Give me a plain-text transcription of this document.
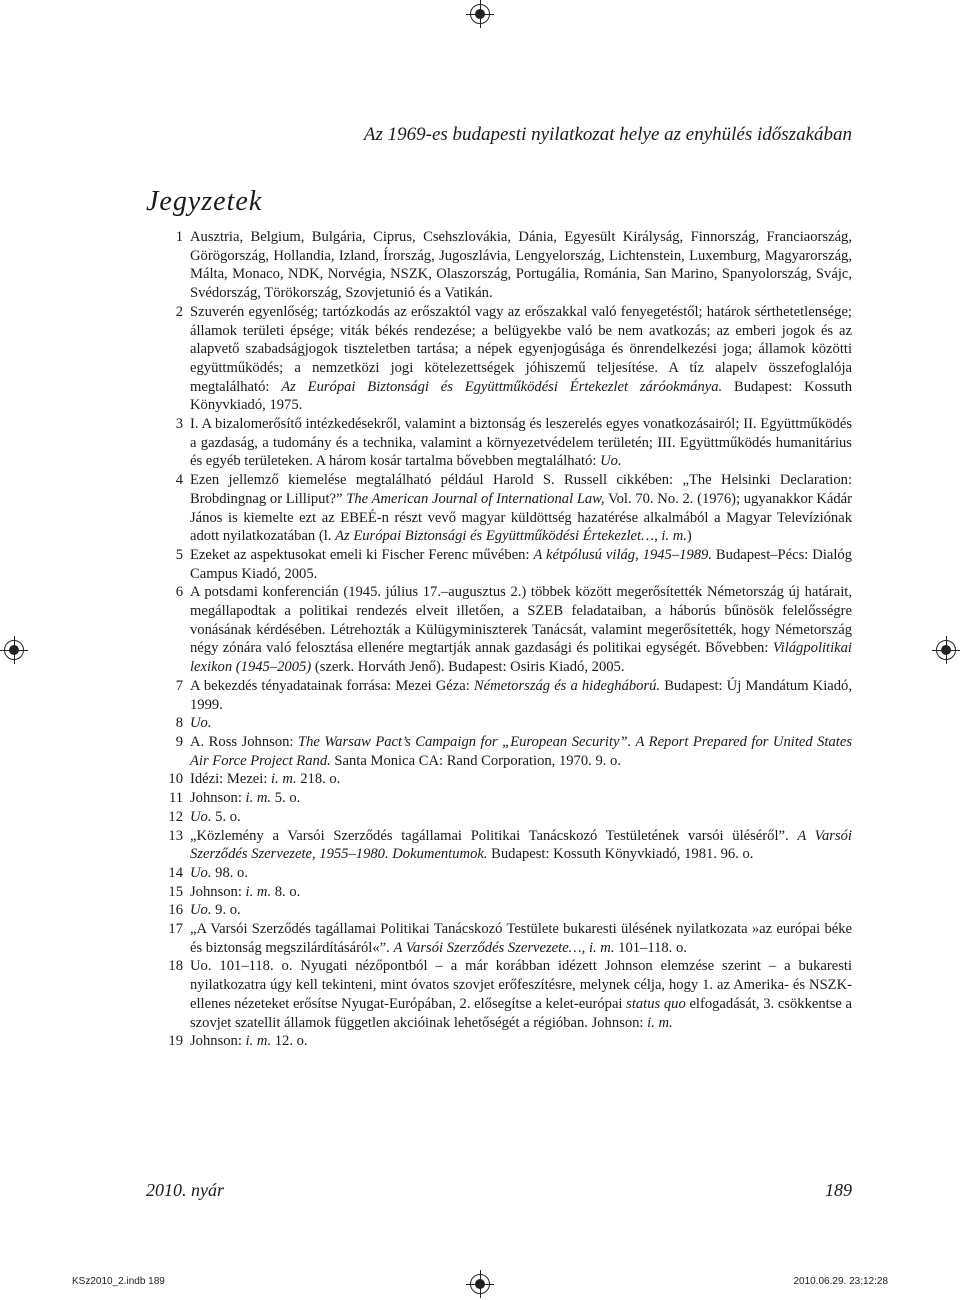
Az 1969-es budapesti nyilatkozat helye az enyhülés időszakában
Jegyzetek
1 Ausztria, Belgium, Bulgária, Ciprus, Csehszlovákia, Dánia, Egyesült Királyság, Finnország, Franciaország, Görögország, Hollandia, Izland, Írország, Jugoszlávia, Lengyelország, Lichtenstein, Luxemburg, Magyarország, Málta, Monaco, NDK, Norvégia, NSZK, Olaszország, Portugália, Románia, San Marino, Spanyolország, Svájc, Svédország, Törökország, Szovjetunió és a Vatikán.
2 Szuverén egyenlőség; tartózkodás az erőszaktól vagy az erőszakkal való fenyegetéstől; határok sérthetetlensége; államok területi épsége; viták békés rendezése; a belügyekbe való be nem avatkozás; az emberi jogok és az alapvető szabadságjogok tiszteletben tartása; a népek egyenjogúsága és önrendelkezési joga; államok közötti együttműködés; a nemzetközi jogi kötelezettségek jóhiszemű teljesítése. A tíz alapelv összefoglalója megtalálható: Az Európai Biztonsági és Együttműködési Értekezlet záróokmánya. Budapest: Kossuth Könyvkiadó, 1975.
3 I. A bizalomerősítő intézkedésekről, valamint a biztonság és leszerelés egyes vonatkozásairól; II. Együttműködés a gazdaság, a tudomány és a technika, valamint a környezetvédelem területén; III. Együttműködés humanitárius és egyéb területeken. A három kosár tartalma bővebben megtalálható: Uo.
4 Ezen jellemző kiemelése megtalálható például Harold S. Russell cikkében: „The Helsinki Declaration: Brobdingnag or Lilliput?” The American Journal of International Law, Vol. 70. No. 2. (1976); ugyanakkor Kádár János is kiemelte ezt az EBEÉ-n részt vevő magyar küldöttség hazatérése alkalmából a Magyar Televíziónak adott nyilatkozatában (l. Az Európai Biztonsági és Együttműködési Értekezlet…, i. m.)
5 Ezeket az aspektusokat emeli ki Fischer Ferenc művében: A kétpólusú világ, 1945–1989. Budapest–Pécs: Dialóg Campus Kiadó, 2005.
6 A potsdami konferencián (1945. július 17.–augusztus 2.) többek között megerősítették Németország új határait, megállapodtak a politikai rendezés elveit illetően, a SZEB feladataiban, a háborús bűnösök felelősségre vonásának kérdésében. Létrehozták a Külügyminiszterek Tanácsát, valamint megerősítették, hogy Németország négy zónára való felosztása ellenére megtartják annak gazdasági és politikai egységét. Bővebben: Világpolitikai lexikon (1945–2005) (szerk. Horváth Jenő). Budapest: Osiris Kiadó, 2005.
7 A bekezdés tényadatainak forrása: Mezei Géza: Németország és a hidegháború. Budapest: Új Mandátum Kiadó, 1999.
8 Uo.
9 A. Ross Johnson: The Warsaw Pact’s Campaign for „European Security”. A Report Prepared for United States Air Force Project Rand. Santa Monica CA: Rand Corporation, 1970. 9. o.
10 Idézi: Mezei: i. m. 218. o.
11 Johnson: i. m. 5. o.
12 Uo. 5. o.
13 „Közlemény a Varsói Szerződés tagállamai Politikai Tanácskozó Testületének varsói üléséről”. A Varsói Szerződés Szervezete, 1955–1980. Dokumentumok. Budapest: Kossuth Könyvkiadó, 1981. 96. o.
14 Uo. 98. o.
15 Johnson: i. m. 8. o.
16 Uo. 9. o.
17 „A Varsói Szerződés tagállamai Politikai Tanácskozó Testülete bukaresti ülésének nyilatkozata »az európai béke és biztonság megszilárdításáról«”. A Varsói Szerződés Szervezete…, i. m. 101–118. o.
18 Uo. 101–118. o. Nyugati nézőpontból – a már korábban idézett Johnson elemzése szerint – a bukaresti nyilatkozatra úgy kell tekinteni, mint óvatos szovjet erőfeszítésre, melynek célja, hogy 1. az Amerika- és NSZK-ellenes nézeteket erősítse Nyugat-Európában, 2. elősegítse a kelet-európai status quo elfogadását, 3. csökkentse a szovjet szatellit államok független akcióinak lehetőségét a régióban. Johnson: i. m.
19 Johnson: i. m. 12. o.
2010. nyár	189
KSz2010_2.indb 189	2010.06.29. 23:12:28
